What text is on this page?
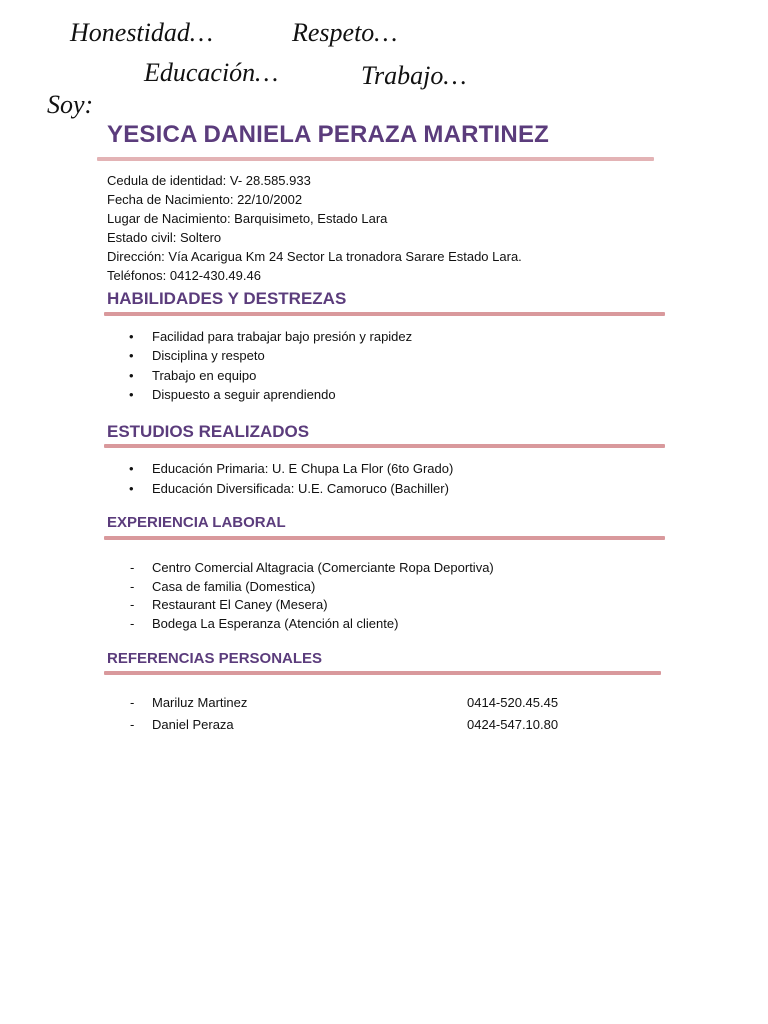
Honestidad…	Respeto…
Educación…	Trabajo…
Soy:
YESICA DANIELA PERAZA MARTINEZ
Cedula de identidad: V- 28.585.933
Fecha de Nacimiento: 22/10/2002
Lugar de Nacimiento: Barquisimeto, Estado Lara
Estado civil: Soltero
Dirección: Vía Acarigua Km 24 Sector La tronadora Sarare Estado Lara.
Teléfonos: 0412-430.49.46
HABILIDADES Y DESTREZAS
• Facilidad para trabajar bajo presión y rapidez
• Disciplina y respeto
• Trabajo en equipo
• Dispuesto a seguir aprendiendo
ESTUDIOS REALIZADOS
• Educación Primaria: U. E Chupa La Flor (6to Grado)
• Educación Diversificada: U.E. Camoruco (Bachiller)
EXPERIENCIA LABORAL
- Centro Comercial Altagracia (Comerciante Ropa Deportiva)
- Casa de familia (Domestica)
- Restaurant El Caney (Mesera)
- Bodega La Esperanza (Atención al cliente)
REFERENCIAS PERSONALES
- Mariluz Martinez	0414-520.45.45
- Daniel Peraza	0424-547.10.80
